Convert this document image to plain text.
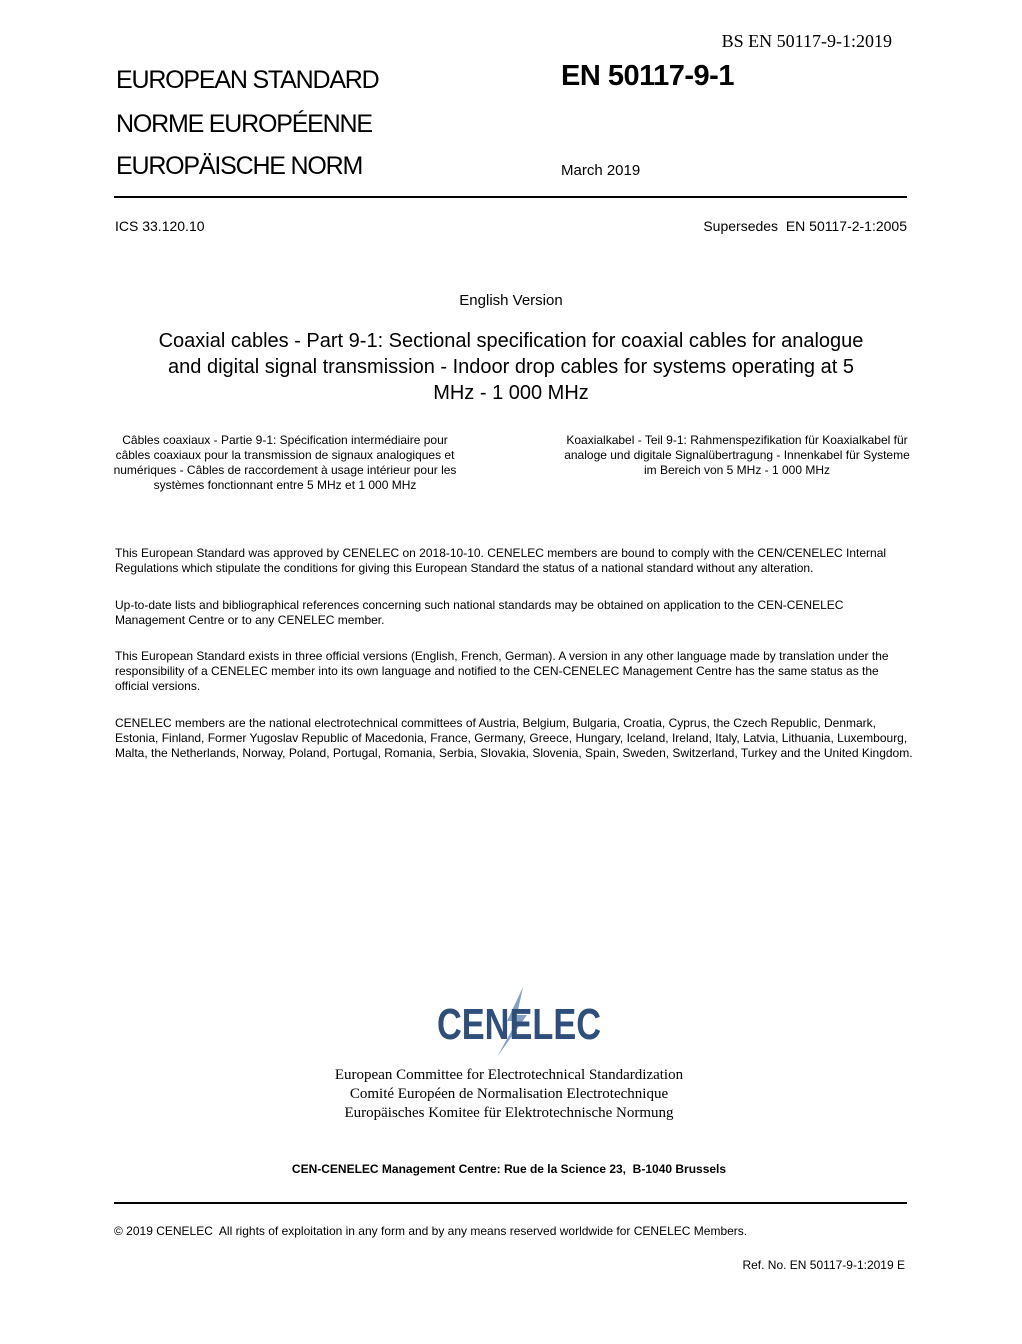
BS EN 50117-9-1:2019
EUROPEAN STANDARD
NORME EUROPÉENNE
EUROPÄISCHE NORM
EN 50117-9-1
March 2019
ICS 33.120.10	Supersedes  EN 50117-2-1:2005
English Version
Coaxial cables - Part 9-1: Sectional specification for coaxial cables for analogue and digital signal transmission - Indoor drop cables for systems operating at 5 MHz - 1 000 MHz
Câbles coaxiaux - Partie 9-1: Spécification intermédiaire pour câbles coaxiaux pour la transmission de signaux analogiques et numériques - Câbles de raccordement à usage intérieur pour les systèmes fonctionnant entre 5 MHz et 1 000 MHz
Koaxialkabel - Teil 9-1: Rahmenspezifikation für Koaxialkabel für analoge und digitale Signalübertragung - Innenkabel für Systeme im Bereich von 5 MHz - 1 000 MHz
This European Standard was approved by CENELEC on 2018-10-10. CENELEC members are bound to comply with the CEN/CENELEC Internal Regulations which stipulate the conditions for giving this European Standard the status of a national standard without any alteration.
Up-to-date lists and bibliographical references concerning such national standards may be obtained on application to the CEN-CENELEC Management Centre or to any CENELEC member.
This European Standard exists in three official versions (English, French, German). A version in any other language made by translation under the responsibility of a CENELEC member into its own language and notified to the CEN-CENELEC Management Centre has the same status as the official versions.
CENELEC members are the national electrotechnical committees of Austria, Belgium, Bulgaria, Croatia, Cyprus, the Czech Republic, Denmark, Estonia, Finland, Former Yugoslav Republic of Macedonia, France, Germany, Greece, Hungary, Iceland, Ireland, Italy, Latvia, Lithuania, Luxembourg, Malta, the Netherlands, Norway, Poland, Portugal, Romania, Serbia, Slovakia, Slovenia, Spain, Sweden, Switzerland, Turkey and the United Kingdom.
CENELEC
European Committee for Electrotechnical Standardization
Comité Européen de Normalisation Electrotechnique
Europäisches Komitee für Elektrotechnische Normung
CEN-CENELEC Management Centre: Rue de la Science 23,  B-1040 Brussels
© 2019 CENELEC  All rights of exploitation in any form and by any means reserved worldwide for CENELEC Members.
Ref. No. EN 50117-9-1:2019 E
